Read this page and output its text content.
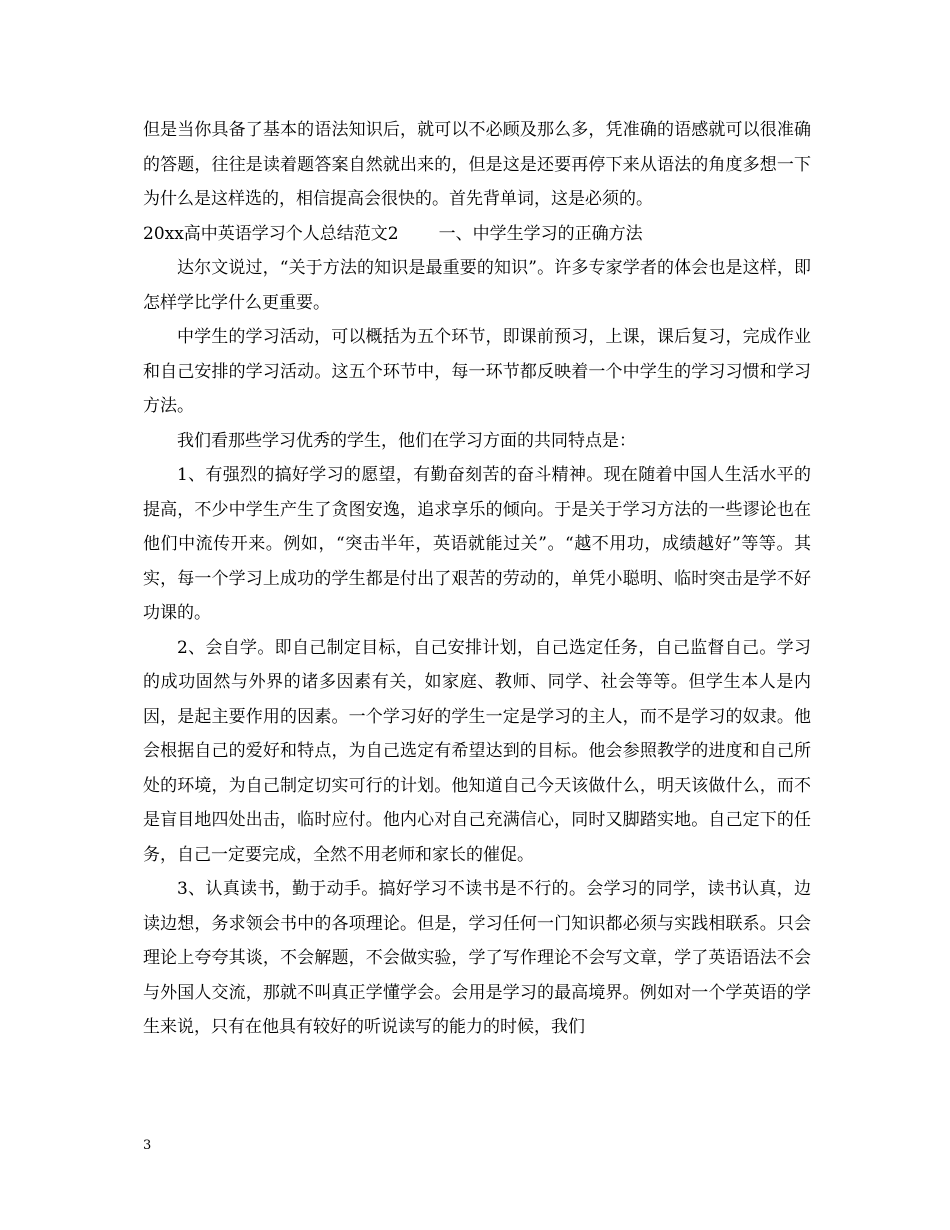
但是当你具备了基本的语法知识后，就可以不必顾及那么多，凭准确的语感就可以很准确的答题，往往是读着题答案自然就出来的，但是这是还要再停下来从语法的角度多想一下为什么是这样选的，相信提高会很快的。首先背单词，这是必须的。

20xx高中英语学习个人总结范文2 一、中学生学习的正确方法

达尔文说过，“关于方法的知识是最重要的知识”。许多专家学者的体会也是这样，即怎样学比学什么更重要。

中学生的学习活动，可以概括为五个环节，即课前预习，上课，课后复习，完成作业和自己安排的学习活动。这五个环节中，每一环节都反映着一个中学生的学习习惯和学习方法。

我们看那些学习优秀的学生，他们在学习方面的共同特点是：

1、有强烈的搞好学习的愿望，有勤奋刻苦的奋斗精神。现在随着中国人生活水平的提高，不少中学生产生了贪图安逸，追求享乐的倾向。于是关于学习方法的一些谬论也在他们中流传开来。例如，“突击半年，英语就能过关”。“越不用功，成绩越好”等等。其实，每一个学习上成功的学生都是付出了艰苦的劳动的，单凭小聪明、临时突击是学不好功课的。

2、会自学。即自己制定目标，自己安排计划，自己选定任务，自己监督自己。学习的成功固然与外界的诸多因素有关，如家庭、教师、同学、社会等等。但学生本人是内因，是起主要作用的因素。一个学习好的学生一定是学习的主人，而不是学习的奴隶。他会根据自己的爱好和特点，为自己选定有希望达到的目标。他会参照教学的进度和自己所处的环境，为自己制定切实可行的计划。他知道自己今天该做什么，明天该做什么，而不是盲目地四处出击，临时应付。他内心对自己充满信心，同时又脚踏实地。自己定下的任务，自己一定要完成，全然不用老师和家长的催促。

3、认真读书，勤于动手。搞好学习不读书是不行的。会学习的同学，读书认真，边读边想，务求领会书中的各项理论。但是，学习任何一门知识都必须与实践相联系。只会理论上夸夸其谈，不会解题，不会做实验，学了写作理论不会写文章，学了英语语法不会与外国人交流，那就不叫真正学懂学会。会用是学习的最高境界。例如对一个学英语的学生来说，只有在他具有较好的听说读写的能力的时候，我们

3
